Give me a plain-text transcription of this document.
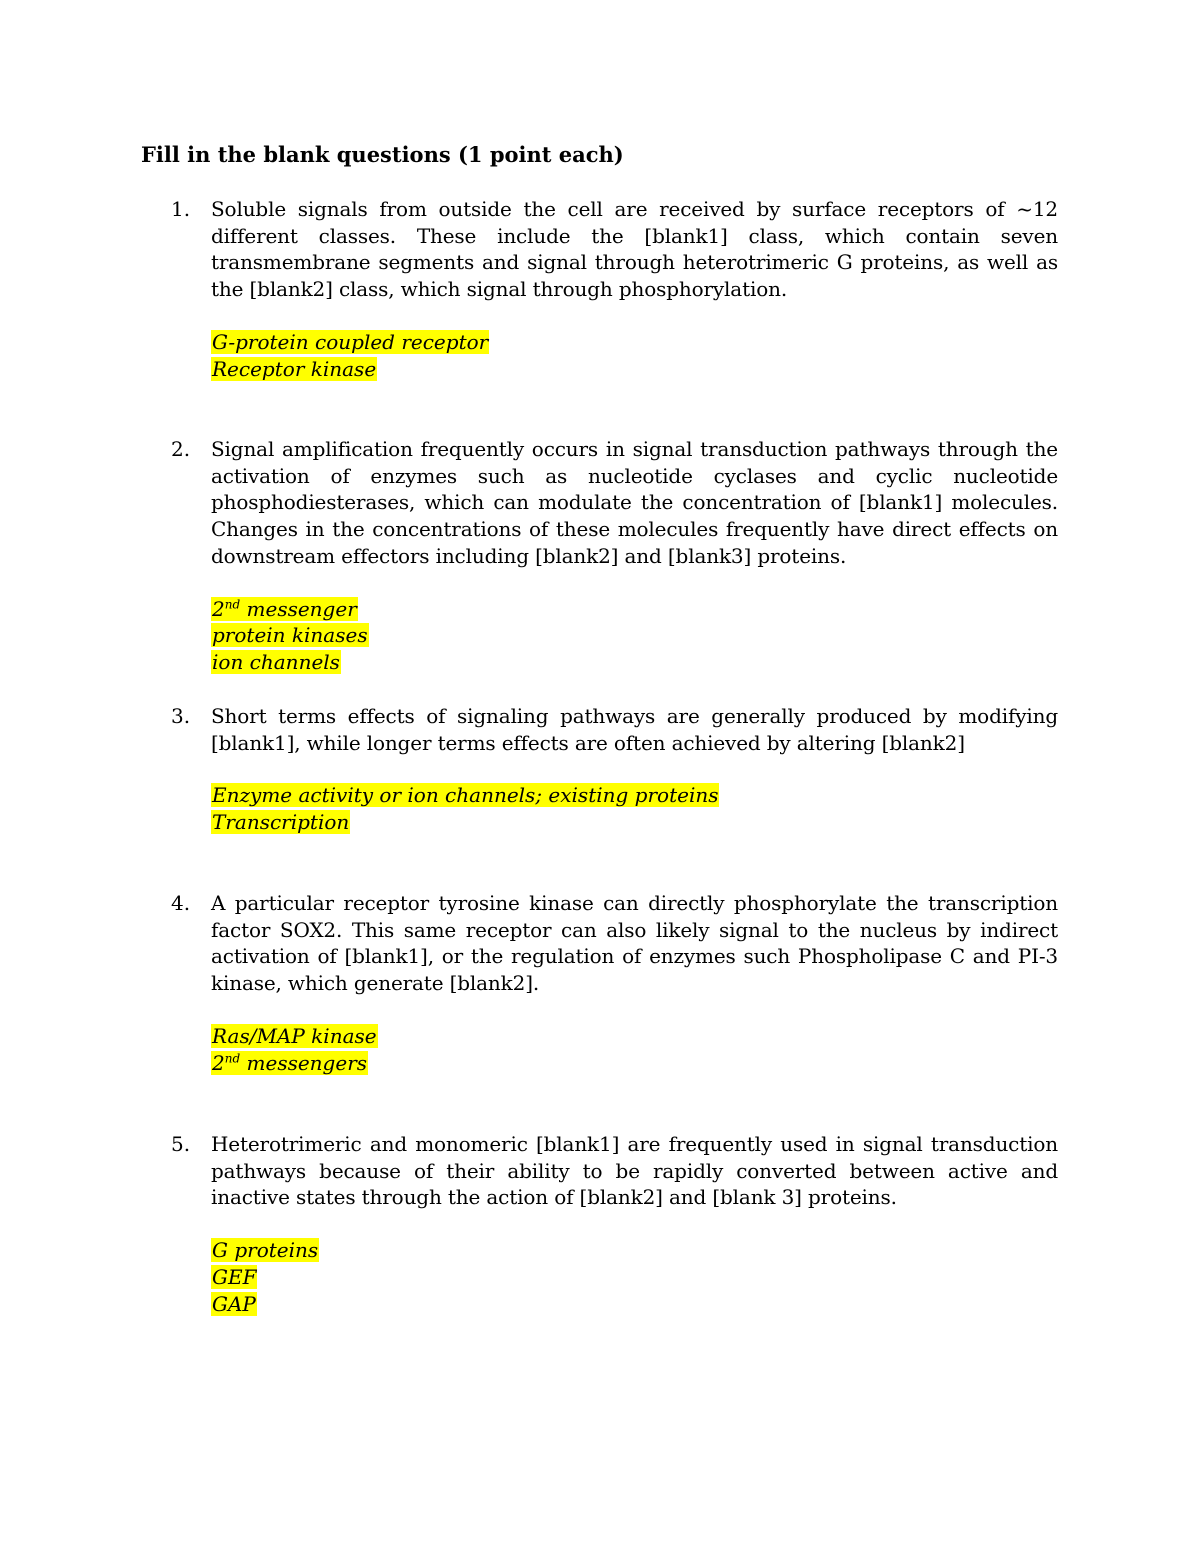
Fill in the blank questions (1 point each)
1.	Soluble signals from outside the cell are received by surface receptors of ~12 different classes. These include the [blank1] class, which contain seven transmembrane segments and signal through heterotrimeric G proteins, as well as the [blank2] class, which signal through phosphorylation.
G-protein coupled receptor
Receptor kinase
2.	Signal amplification frequently occurs in signal transduction pathways through the activation of enzymes such as nucleotide cyclases and cyclic nucleotide phosphodiesterases, which can modulate the concentration of [blank1] molecules. Changes in the concentrations of these molecules frequently have direct effects on downstream effectors including [blank2] and [blank3] proteins.
2nd messenger
protein kinases
ion channels
3.	Short terms effects of signaling pathways are generally produced by modifying [blank1], while longer terms effects are often achieved by altering [blank2]
Enzyme activity or ion channels; existing proteins
Transcription
4.	A particular receptor tyrosine kinase can directly phosphorylate the transcription factor SOX2. This same receptor can also likely signal to the nucleus by indirect activation of [blank1], or the regulation of enzymes such Phospholipase C and PI-3 kinase, which generate [blank2].
Ras/MAP kinase
2nd messengers
5.	Heterotrimeric and monomeric [blank1] are frequently used in signal transduction pathways because of their ability to be rapidly converted between active and inactive states through the action of [blank2] and [blank 3] proteins.
G proteins
GEF
GAP
